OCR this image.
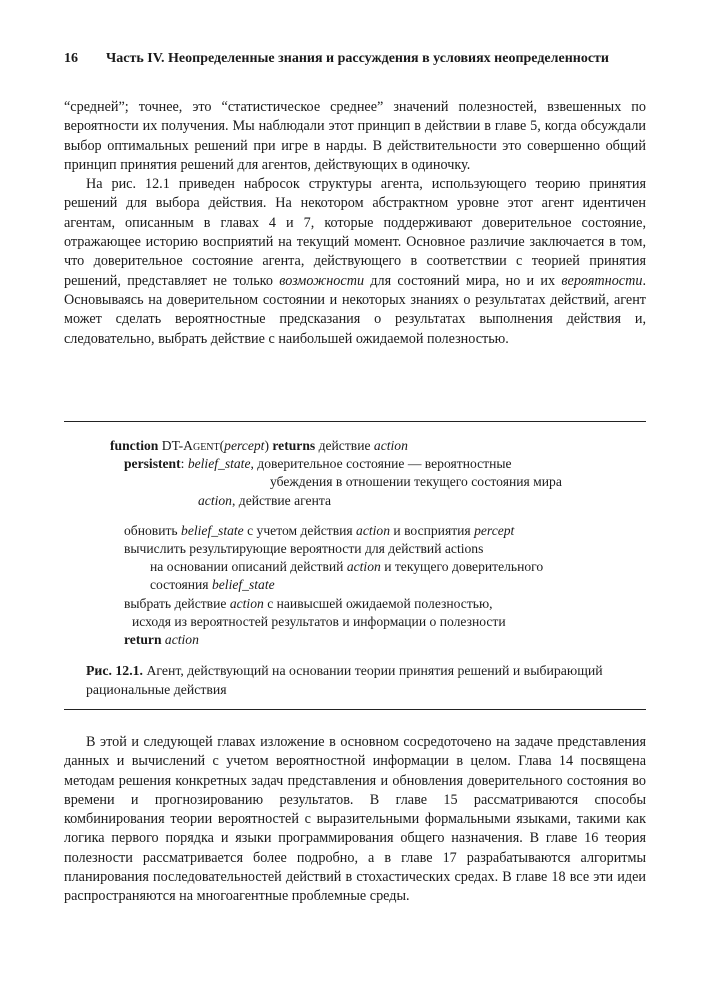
16 Часть IV. Неопределенные знания и рассуждения в условиях неопределенности

“средней”; точнее, это “статистическое среднее” значений полезностей, взвешенных по вероятности их получения. Мы наблюдали этот принцип в действии в главе 5, когда обсуждали выбор оптимальных решений при игре в нарды. В действительности это совершенно общий принцип принятия решений для агентов, действующих в одиночку.

На рис. 12.1 приведен набросок структуры агента, использующего теорию принятия решений для выбора действия. На некотором абстрактном уровне этот агент идентичен агентам, описанным в главах 4 и 7, которые поддерживают доверительное состояние, отражающее историю восприятий на текущий момент. Основное различие заключается в том, что доверительное состояние агента, действующего в соответствии с теорией принятия решений, представляет не только возможности для состояний мира, но и их вероятности. Основываясь на доверительном состоянии и некоторых знаниях о результатах действий, агент может сделать вероятностные предсказания о результатах выполнения действия и, следовательно, выбрать действие с наибольшей ожидаемой полезностью.

function DT-Agent(percept) returns действие action
persistent: belief_state, доверительное состояние — вероятностные
убеждения в отношении текущего состояния мира
action, действие агента
обновить belief_state с учетом действия action и восприятия percept
вычислить результирующие вероятности для действий actions
на основании описаний действий action и текущего доверительного
состояния belief_state
выбрать действие action с наивысшей ожидаемой полезностью,
исходя из вероятностей результатов и информации о полезности
return action
Рис. 12.1. Агент, действующий на основании теории принятия решений и выбирающий рациональные действия

В этой и следующей главах изложение в основном сосредоточено на задаче представления данных и вычислений с учетом вероятностной информации в целом. Глава 14 посвящена методам решения конкретных задач представления и обновления доверительного состояния во времени и прогнозированию результатов. В главе 15 рассматриваются способы комбинирования теории вероятностей с выразительными формальными языками, такими как логика первого порядка и языки программирования общего назначения. В главе 16 теория полезности рассматривается более подробно, а в главе 17 разрабатываются алгоритмы планирования последовательностей действий в стохастических средах. В главе 18 все эти идеи распространяются на многоагентные проблемные среды.
